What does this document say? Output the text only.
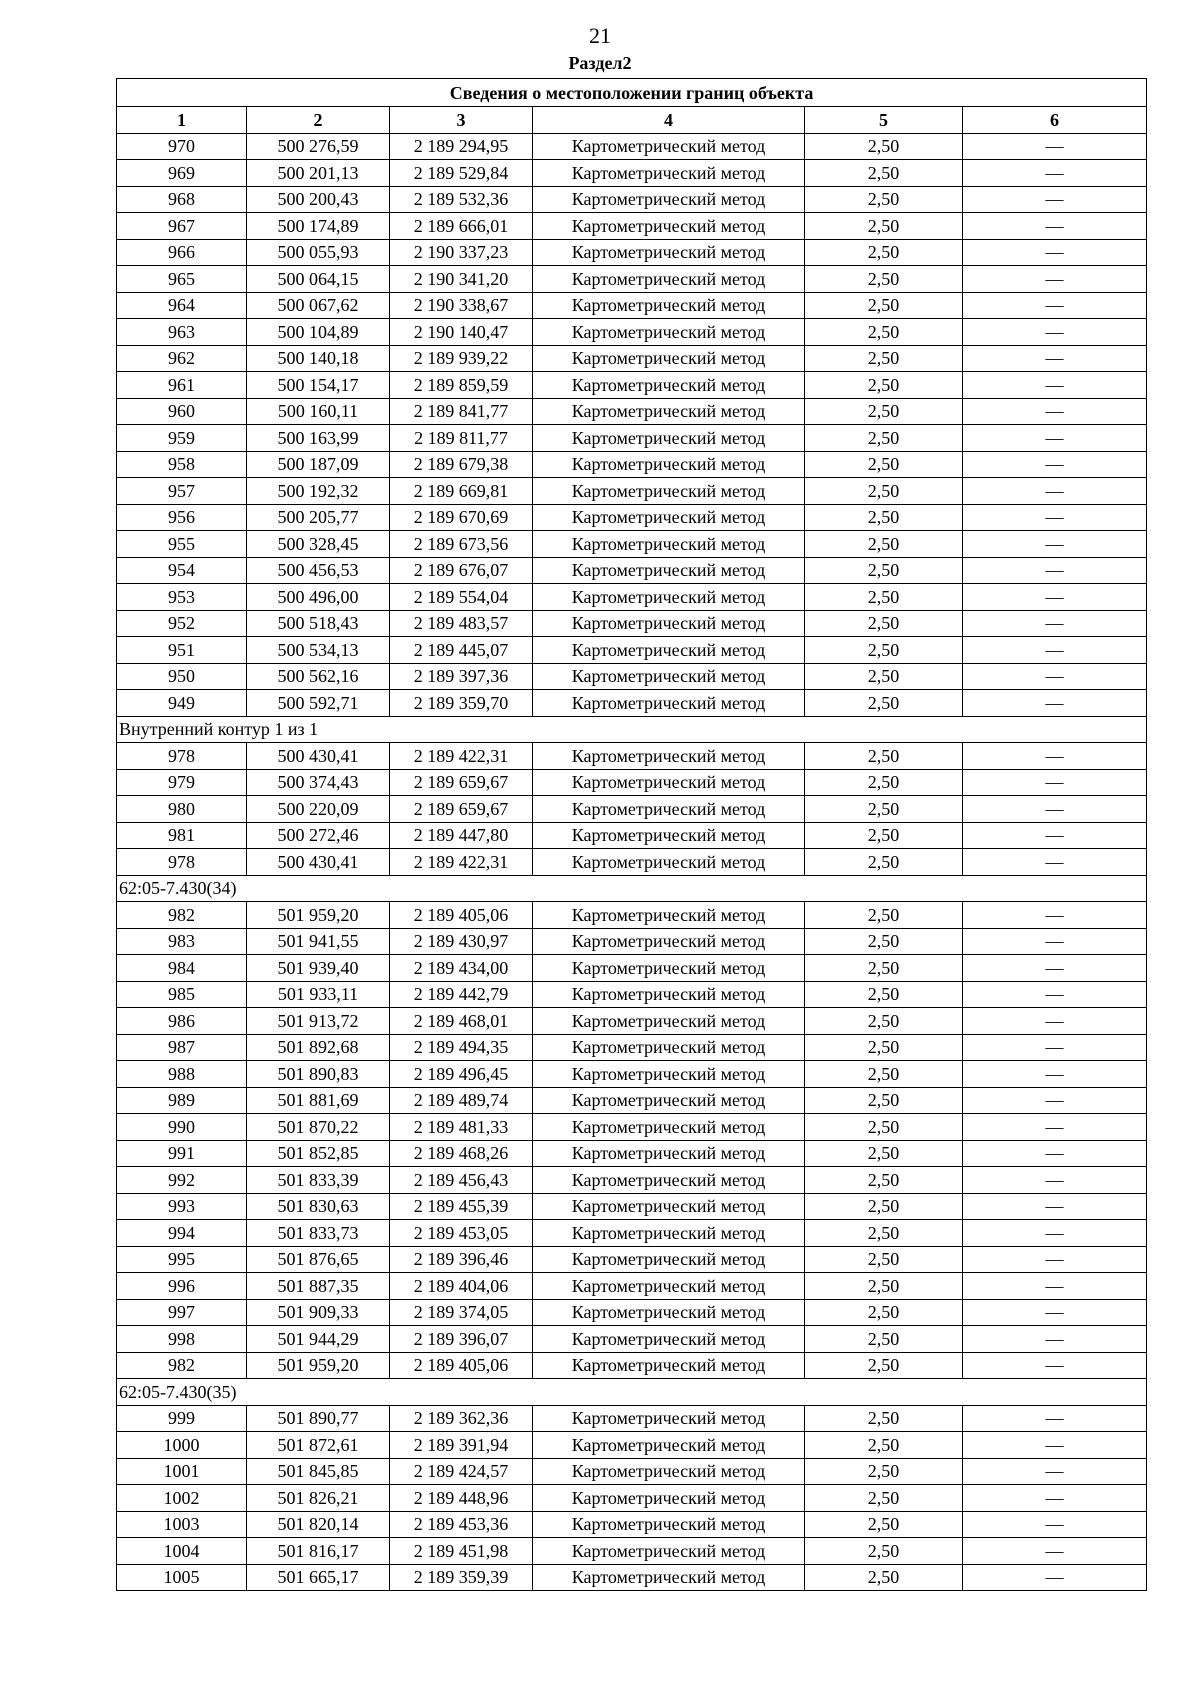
21
Раздел2
Сведения о местоположении границ объекта					
1	2	3	4	5	6
970	500 276,59	2 189 294,95	Картометрический метод	2,50	—
969	500 201,13	2 189 529,84	Картометрический метод	2,50	—
968	500 200,43	2 189 532,36	Картометрический метод	2,50	—
967	500 174,89	2 189 666,01	Картометрический метод	2,50	—
966	500 055,93	2 190 337,23	Картометрический метод	2,50	—
965	500 064,15	2 190 341,20	Картометрический метод	2,50	—
964	500 067,62	2 190 338,67	Картометрический метод	2,50	—
963	500 104,89	2 190 140,47	Картометрический метод	2,50	—
962	500 140,18	2 189 939,22	Картометрический метод	2,50	—
961	500 154,17	2 189 859,59	Картометрический метод	2,50	—
960	500 160,11	2 189 841,77	Картометрический метод	2,50	—
959	500 163,99	2 189 811,77	Картометрический метод	2,50	—
958	500 187,09	2 189 679,38	Картометрический метод	2,50	—
957	500 192,32	2 189 669,81	Картометрический метод	2,50	—
956	500 205,77	2 189 670,69	Картометрический метод	2,50	—
955	500 328,45	2 189 673,56	Картометрический метод	2,50	—
954	500 456,53	2 189 676,07	Картометрический метод	2,50	—
953	500 496,00	2 189 554,04	Картометрический метод	2,50	—
952	500 518,43	2 189 483,57	Картометрический метод	2,50	—
951	500 534,13	2 189 445,07	Картометрический метод	2,50	—
950	500 562,16	2 189 397,36	Картометрический метод	2,50	—
949	500 592,71	2 189 359,70	Картометрический метод	2,50	—
Внутренний контур 1 из 1					
978	500 430,41	2 189 422,31	Картометрический метод	2,50	—
979	500 374,43	2 189 659,67	Картометрический метод	2,50	—
980	500 220,09	2 189 659,67	Картометрический метод	2,50	—
981	500 272,46	2 189 447,80	Картометрический метод	2,50	—
978	500 430,41	2 189 422,31	Картометрический метод	2,50	—
62:05-7.430(34)					
982	501 959,20	2 189 405,06	Картометрический метод	2,50	—
983	501 941,55	2 189 430,97	Картометрический метод	2,50	—
984	501 939,40	2 189 434,00	Картометрический метод	2,50	—
985	501 933,11	2 189 442,79	Картометрический метод	2,50	—
986	501 913,72	2 189 468,01	Картометрический метод	2,50	—
987	501 892,68	2 189 494,35	Картометрический метод	2,50	—
988	501 890,83	2 189 496,45	Картометрический метод	2,50	—
989	501 881,69	2 189 489,74	Картометрический метод	2,50	—
990	501 870,22	2 189 481,33	Картометрический метод	2,50	—
991	501 852,85	2 189 468,26	Картометрический метод	2,50	—
992	501 833,39	2 189 456,43	Картометрический метод	2,50	—
993	501 830,63	2 189 455,39	Картометрический метод	2,50	—
994	501 833,73	2 189 453,05	Картометрический метод	2,50	—
995	501 876,65	2 189 396,46	Картометрический метод	2,50	—
996	501 887,35	2 189 404,06	Картометрический метод	2,50	—
997	501 909,33	2 189 374,05	Картометрический метод	2,50	—
998	501 944,29	2 189 396,07	Картометрический метод	2,50	—
982	501 959,20	2 189 405,06	Картометрический метод	2,50	—
62:05-7.430(35)					
999	501 890,77	2 189 362,36	Картометрический метод	2,50	—
1000	501 872,61	2 189 391,94	Картометрический метод	2,50	—
1001	501 845,85	2 189 424,57	Картометрический метод	2,50	—
1002	501 826,21	2 189 448,96	Картометрический метод	2,50	—
1003	501 820,14	2 189 453,36	Картометрический метод	2,50	—
1004	501 816,17	2 189 451,98	Картометрический метод	2,50	—
1005	501 665,17	2 189 359,39	Картометрический метод	2,50	—
